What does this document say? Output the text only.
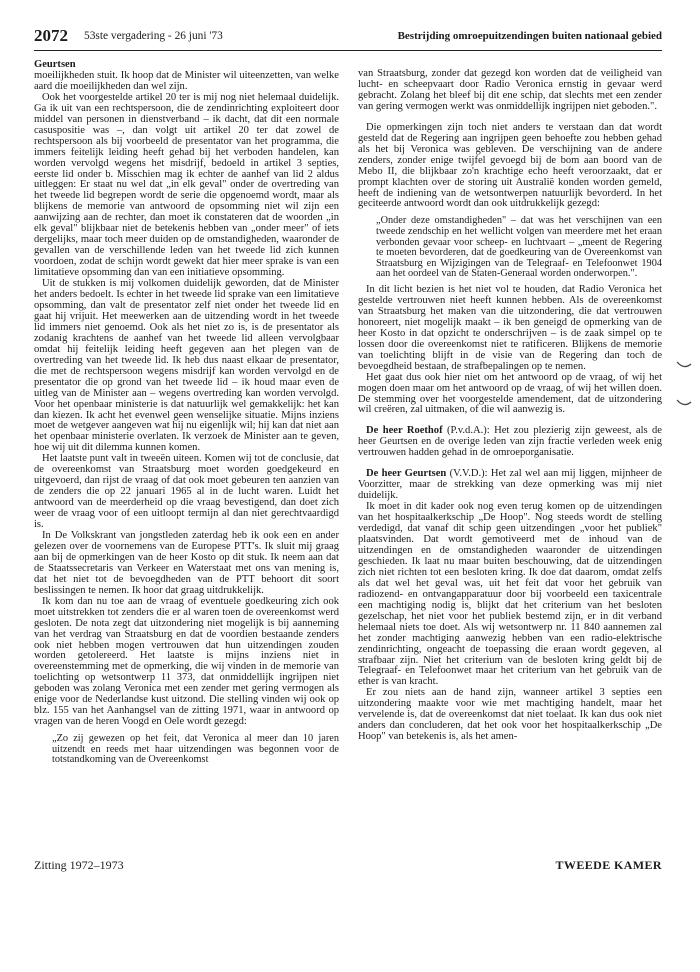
2072 53ste vergadering - 26 juni '73	Bestrijding omroepuitzendingen buiten nationaal gebied

Geurtsen

moeilijkheden stuit. Ik hoop dat de Minister wil uiteenzetten, van welke aard die moeilijkheden dan wel zijn.

Ook het voorgestelde artikel 20 ter is mij nog niet helemaal duidelijk. Ga ik uit van een rechtspersoon, die de zendinrichting exploiteert door middel van personen in dienstverband – ik dacht, dat dit een normale casuspositie was –, dan volgt uit artikel 20 ter dat zowel de rechtspersoon als bij voorbeeld de presentator van het programma, die immers feitelijk leiding heeft gehad bij het verboden handelen, kan worden vervolgd wegens het misdrijf, bedoeld in artikel 3 septies, eerste lid onder b. Misschien mag ik echter de aanhef van lid 2 aldus uitleggen: Er staat nu wel dat „in elk geval" onder de overtreding van het tweede lid begrepen wordt de serie die opgenoemd wordt, maar als blijkens de memorie van antwoord de opsomming niet wil zijn een aanwijzing aan de rechter, dan moet ik constateren dat de woorden „in elk geval" blijkbaar niet de betekenis hebben van „onder meer" of iets dergelijks, maar toch meer duiden op de omstandigheden, waaronder de gevallen van de verschillende leden van het tweede lid zich kunnen voordoen, zodat de schijn wordt gewekt dat hier meer sprake is van een limitatieve opsomming dan van een initiatieve opsomming.

Uit de stukken is mij volkomen duidelijk geworden, dat de Minister het anders bedoelt. Is echter in het tweede lid sprake van een limitatieve opsomming, dan valt de presentator zelf niet onder het tweede lid en gaat hij vrijuit. Het meewerken aan de uitzending wordt in het tweede lid immers niet genoemd. Ook als het niet zo is, is de presentator als zodanig krachtens de aanhef van het tweede lid alleen vervolgbaar omdat hij feitelijk leiding heeft gegeven aan het plegen van de overtreding van het tweede lid. Ik heb dus naast elkaar de presentator, die met de rechtspersoon wegens misdrijf kan worden vervolgd en de presentator die op grond van het tweede lid – ik houd maar even de uitleg van de Minister aan – wegens overtreding kan worden vervolgd. Voor het openbaar ministerie is dat natuurlijk wel gemakkelijk: het kan dan kiezen. Ik acht het evenwel geen wenselijke situatie. Mijns inziens moet de wetgever aangeven wat hij nu eigenlijk wil; hij kan dat niet aan het openbaar ministerie overlaten. Ik verzoek de Minister aan te geven, hoe wij uit dit dilemma kunnen komen.

Het laatste punt valt in tweeën uiteen. Komen wij tot de conclusie, dat de overeenkomst van Straatsburg moet worden goedgekeurd en uitgevoerd, dan rijst de vraag of dat ook moet gebeuren ten aanzien van de zenders die op 22 januari 1965 al in de lucht waren. Luidt het antwoord van de meerderheid op die vraag bevestigend, dan doet zich weer de vraag voor of een uitloopt termijn al dan niet gerechtvaardigd is.

In De Volkskrant van jongstleden zaterdag heb ik ook een en ander gelezen over de voornemens van de Europese PTT's. Ik sluit mij graag aan bij de opmerkingen van de heer Kosto op dit stuk. Ik neem aan dat de Staatssecretaris van Verkeer en Waterstaat met ons van mening is, dat het niet tot de bevoegdheden van de PTT behoort dit soort beslissingen te nemen. Ik hoor dat graag uitdrukkelijk.

Ik kom dan nu toe aan de vraag of eventuele goedkeuring zich ook moet uitstrekken tot zenders die er al waren toen de overeenkomst werd gesloten. De nota zegt dat uitzondering niet mogelijk is bij aanneming van het verdrag van Straatsburg en dat de voordien bestaande zenders ook niet hebben mogen vertrouwen dat hun uitzendingen zouden worden getolereerd. Het laatste is mijns inziens niet in overeenstemming met de opmerking, die wij vinden in de memorie van toelichting op wetsontwerp 11 373, dat onmiddellijk ingrijpen niet geboden was zolang Veronica met een zender met gering vermogen als enige voor de Nederlandse kust uitzond. Die stelling vinden wij ook op blz. 155 van het Aanhangsel van de zitting 1971, waar in antwoord op vragen van de heren Voogd en Oele wordt gezegd:

„Zo zij gewezen op het feit, dat Veronica al meer dan 10 jaren uitzendt en reeds met haar uitzendingen was begonnen voor de totstandkoming van de Overeenkomst

van Straatsburg, zonder dat gezegd kon worden dat de veiligheid van lucht- en scheepvaart door Radio Veronica ernstig in gevaar werd gebracht. Zolang het bleef bij dit ene schip, dat slechts met een zender van gering vermogen werkt was onmiddellijk ingrijpen niet geboden.".

Die opmerkingen zijn toch niet anders te verstaan dan dat wordt gesteld dat de Regering aan ingrijpen geen behoefte zou hebben gehad als het bij Veronica was gebleven. De verschijning van de andere zenders, zonder enige twijfel gevoegd bij de bom aan boord van de Mebo II, die blijkbaar zo'n krachtige echo heeft veroorzaakt, dat er prompt klachten over de storing uit Australië konden worden gemeld, heeft de indiening van de wetsontwerpen natuurlijk bevorderd. In het geciteerde antwoord wordt dan ook uitdrukkelijk gezegd:

„Onder deze omstandigheden" – dat was het verschijnen van een tweede zendschip en het wellicht volgen van meerdere met het eraan verbonden gevaar voor scheep- en luchtvaart – „meent de Regering te moeten bevorderen, dat de goedkeuring van de Overeenkomst van Straatsburg en Wijzigingen van de Telegraaf- en Telefoonwet 1904 aan het oordeel van de Staten-Generaal worden onderworpen.".

In dit licht bezien is het niet vol te houden, dat Radio Veronica het gestelde vertrouwen niet heeft kunnen hebben. Als de overeenkomst van Straatsburg het maken van die uitzondering, die dat vertrouwen honoreert, niet mogelijk maakt – ik ben geneigd de opmerking van de heer Kosto in dat opzicht te onderschrijven – is de zaak simpel op te lossen door die overeenkomst niet te ratificeren. Blijkens de memorie van toelichting blijft in de visie van de Regering dan toch de bevoegdheid bestaan, de strafbepalingen op te nemen.

Het gaat dus ook hier niet om het antwoord op de vraag, of wij het mogen doen maar om het antwoord op de vraag, of wij het willen doen. De stemming over het voorgestelde amendement, dat de uitzondering wil creëren, zal uitmaken, of die wil aanwezig is.

De heer Roethof (P.v.d.A.): Het zou plezierig zijn geweest, als de heer Geurtsen en de overige leden van zijn fractie verleden week enig vertrouwen hadden gehad in de omroeporganisatie.

De heer Geurtsen (V.V.D.): Het zal wel aan mij liggen, mijnheer de Voorzitter, maar de strekking van deze opmerking was mij niet duidelijk.

Ik moet in dit kader ook nog even terug komen op de uitzendingen van het hospitaalkerkschip „De Hoop". Nog steeds wordt de stelling verdedigd, dat vanaf dit schip geen uitzendingen „voor het publiek" plaatsvinden. Dat wordt gemotiveerd met de inhoud van de uitzendingen en de omstandigheden waaronder de uitzendingen geschieden. Ik laat nu maar buiten beschouwing, dat de uitzendingen zich niet richten tot een besloten kring. Ik doe dat daarom, omdat zelfs als dat wel het geval was, uit het feit dat voor het gebruik van radiozend- en ontvangapparatuur door bij voorbeeld een taxicentrale een machtiging nodig is, blijkt dat het criterium van het besloten gezelschap, het niet voor het publiek bestemd zijn, er in dit verband helemaal niets toe doet. Als wij wetsontwerp nr. 11 840 aannemen zal het zonder machtiging aanwezig hebben van een radio-elektrische zendinrichting, ongeacht de toepassing die eraan wordt gegeven, al strafbaar zijn. Niet het criterium van de besloten kring geldt bij de Telegraaf- en Telefoonwet maar het criterium van het gebruik van de ether is van kracht.

Er zou niets aan de hand zijn, wanneer artikel 3 septies een uitzondering maakte voor wie met machtiging handelt, maar het vervelende is, dat de overeenkomst dat niet toelaat. Ik kan dus ook niet anders dan concluderen, dat het ook voor het hospitaalkerkschip „De Hoop" van betekenis is, als het amen-

Zitting 1972–1973	TWEEDE KAMER
